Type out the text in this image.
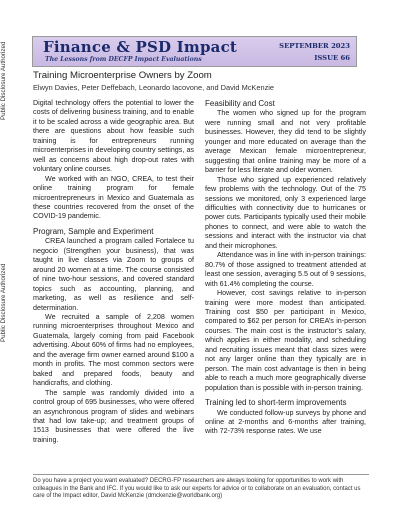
Public Disclosure Authorized
Public Disclosure Authorized
Finance & PSD Impact
The Lessons from DECFP Impact Evaluations
SEPTEMBER 2023
ISSUE 66
Training Microenterprise Owners by Zoom
Elwyn Davies, Peter Deffebach, Leonardo Iacovone, and David McKenzie

Digital technology offers the potential to lower the costs of delivering business training, and to enable it to be scaled across a wide geographic area. But there are questions about how feasible such training is for entrepreneurs running microenterprises in developing country settings, as well as concerns about high drop-out rates with voluntary online courses.

We worked with an NGO, CREA, to test their online training program for female microentrepreneurs in Mexico and Guatemala as these countries recovered from the onset of the COVID-19 pandemic.

Program, Sample and Experiment

CREA launched a program called Fortalece tu negocio (Strengthen your business), that was taught in live classes via Zoom to groups of around 20 women at a time. The course consisted of nine two-hour sessions, and covered standard topics such as accounting, planning, and marketing, as well as resilience and self-determination.

We recruited a sample of 2,208 women running microenterprises throughout Mexico and Guatemala, largely coming from paid Facebook advertising. About 60% of firms had no employees, and the average firm owner earned around $100 a month in profits. The most common sectors were baked and prepared foods, beauty and handicrafts, and clothing.

The sample was randomly divided into a control group of 695 businesses, who were offered an asynchronous program of slides and webinars that had low take-up; and treatment groups of 1513 businesses that were offered the live training.

Feasibility and Cost

The women who signed up for the program were running small and not very profitable businesses. However, they did tend to be slightly younger and more educated on average than the average Mexican female microentrepreneur, suggesting that online training may be more of a barrier for less literate and older women.

Those who signed up experienced relatively few problems with the technology. Out of the 75 sessions we monitored, only 3 experienced large difficulties with connectivity due to hurricanes or power cuts. Participants typically used their mobile phones to connect, and were able to watch the sessions and interact with the instructor via chat and their microphones.

Attendance was in line with in-person trainings: 80.7% of those assigned to treatment attended at least one session, averaging 5.5 out of 9 sessions, with 61.4% completing the course.

However, cost savings relative to in-person training were more modest than anticipated. Training cost $50 per participant in Mexico, compared to $62 per person for CREA’s in-person courses. The main cost is the instructor’s salary, which applies in either modality, and scheduling and recruiting issues meant that class sizes were not any larger online than they typically are in person. The main cost advantage is then in being able to reach a much more geographically diverse population than is possible with in-person training.

Training led to short-term improvements

We conducted follow-up surveys by phone and online at 2-months and 6-months after training, with 72-73% response rates. We use

Do you have a project you want evaluated? DECRG-FP researchers are always looking for opportunities to work with colleagues in the Bank and IFC. If you would like to ask our experts for advice or to collaborate on an evaluation, contact us care of the Impact editor, David McKenzie (dmckenzie@worldbank.org)
